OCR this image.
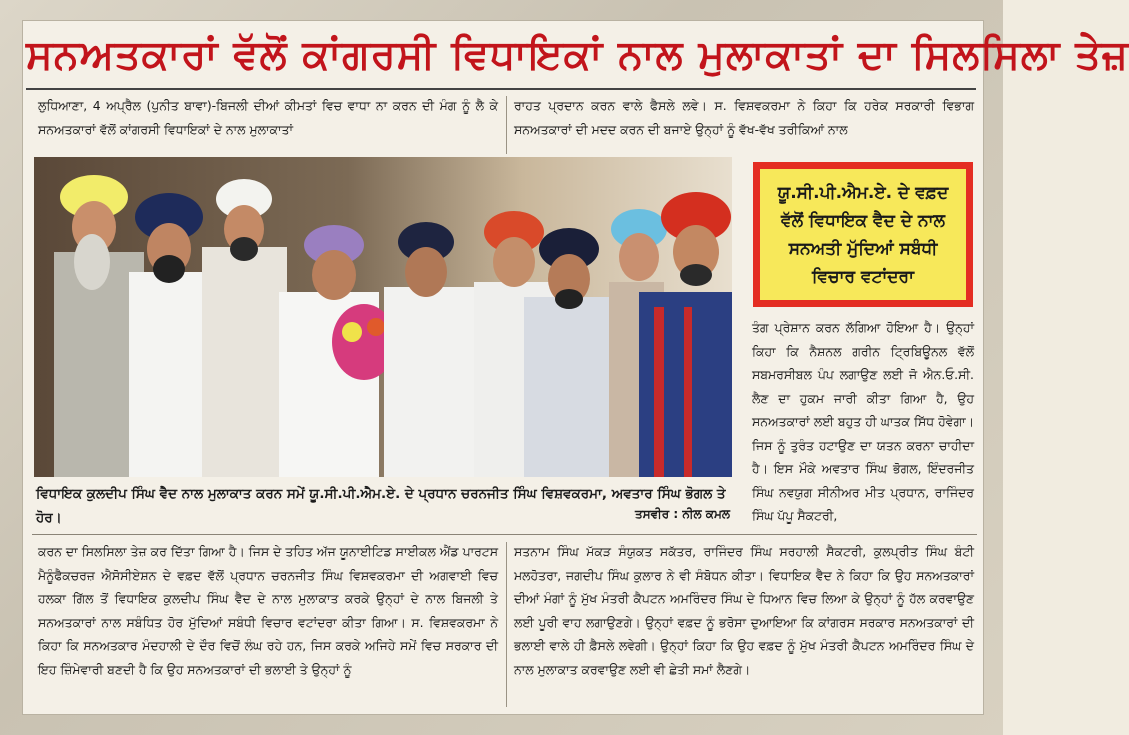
ਸਨਅਤਕਾਰਾਂ ਵੱਲੋਂ ਕਾਂਗਰਸੀ ਵਿਧਾਇਕਾਂ ਨਾਲ ਮੁਲਾਕਾਤਾਂ ਦਾ ਸਿਲਸਿਲਾ ਤੇਜ਼
ਲੁਧਿਆਣਾ, 4 ਅਪ੍ਰੈਲ (ਪੁਨੀਤ ਬਾਵਾ)-ਬਿਜਲੀ ਦੀਆਂ ਕੀਮਤਾਂ ਵਿਚ ਵਾਧਾ ਨਾ ਕਰਨ ਦੀ ਮੰਗ ਨੂੰ ਲੈ ਕੇ ਸਨਅਤਕਾਰਾਂ ਵੱਲੋਂ ਕਾਂਗਰਸੀ ਵਿਧਾਇਕਾਂ ਦੇ ਨਾਲ ਮੁਲਾਕਾਤਾਂ
ਰਾਹਤ ਪ੍ਰਦਾਨ ਕਰਨ ਵਾਲੇ ਫੈਸਲੇ ਲਵੇ। ਸ. ਵਿਸ਼ਵਕਰਮਾ ਨੇ ਕਿਹਾ ਕਿ ਹਰੇਕ ਸਰਕਾਰੀ ਵਿਭਾਗ ਸਨਅਤਕਾਰਾਂ ਦੀ ਮਦਦ ਕਰਨ ਦੀ ਬਜਾਏ ਉਨ੍ਹਾਂ ਨੂੰ ਵੱਖ-ਵੱਖ ਤਰੀਕਿਆਂ ਨਾਲ
ਯੂ.ਸੀ.ਪੀ.ਐਮ.ਏ. ਦੇ ਵਫ਼ਦ ਵੱਲੋਂ ਵਿਧਾਇਕ ਵੈਦ ਦੇ ਨਾਲ ਸਨਅਤੀ ਮੁੱਦਿਆਂ ਸਬੰਧੀ ਵਿਚਾਰ ਵਟਾਂਦਰਾ
ਤੰਗ ਪ੍ਰੇਸ਼ਾਨ ਕਰਨ ਲੱਗਿਆ ਹੋਇਆ ਹੈ। ਉਨ੍ਹਾਂ ਕਿਹਾ ਕਿ ਨੈਸ਼ਨਲ ਗਰੀਨ ਟ੍ਰਿਬਿਊਨਲ ਵੱਲੋਂ ਸਬਮਰਸੀਬਲ ਪੰਪ ਲਗਾਉਣ ਲਈ ਜੋ ਐਨ.ਓ.ਸੀ. ਲੈਣ ਦਾ ਹੁਕਮ ਜਾਰੀ ਕੀਤਾ ਗਿਆ ਹੈ, ਉਹ ਸਨਅਤਕਾਰਾਂ ਲਈ ਬਹੁਤ ਹੀ ਘਾਤਕ ਸਿੱਧ ਹੋਵੇਗਾ। ਜਿਸ ਨੂੰ ਤੁਰੰਤ ਹਟਾਉਣ ਦਾ ਯਤਨ ਕਰਨਾ ਚਾਹੀਦਾ ਹੈ। ਇਸ ਮੌਕੇ ਅਵਤਾਰ ਸਿੰਘ ਭੋਗਲ, ਇੰਦਰਜੀਤ ਸਿੰਘ ਨਵਯੁਗ ਸੀਨੀਅਰ ਮੀਤ ਪ੍ਰਧਾਨ, ਰਾਜਿੰਦਰ ਸਿੰਘ ਪੱਪੂ ਸੈਕਟਰੀ,
ਵਿਧਾਇਕ ਕੁਲਦੀਪ ਸਿੰਘ ਵੈਦ ਨਾਲ ਮੁਲਾਕਾਤ ਕਰਨ ਸਮੇਂ ਯੂ.ਸੀ.ਪੀ.ਐਮ.ਏ. ਦੇ ਪ੍ਰਧਾਨ ਚਰਨਜੀਤ ਸਿੰਘ ਵਿਸ਼ਵਕਰਮਾ, ਅਵਤਾਰ ਸਿੰਘ ਭੋਗਲ ਤੇ ਹੋਰ।	ਤਸਵੀਰ : ਨੀਲ ਕਮਲ
ਕਰਨ ਦਾ ਸਿਲਸਿਲਾ ਤੇਜ਼ ਕਰ ਦਿੱਤਾ ਗਿਆ ਹੈ। ਜਿਸ ਦੇ ਤਹਿਤ ਅੱਜ ਯੂਨਾਈਟਿਡ ਸਾਈਕਲ ਐਂਡ ਪਾਰਟਸ ਮੈਨੂੰਫੈਕਚਰਜ਼ ਐਸੋਸੀਏਸ਼ਨ ਦੇ ਵਫ਼ਦ ਵੱਲੋਂ ਪ੍ਰਧਾਨ ਚਰਨਜੀਤ ਸਿੰਘ ਵਿਸ਼ਵਕਰਮਾ ਦੀ ਅਗਵਾਈ ਵਿਚ ਹਲਕਾ ਗਿੱਲ ਤੋਂ ਵਿਧਾਇਕ ਕੁਲਦੀਪ ਸਿੰਘ ਵੈਦ ਦੇ ਨਾਲ ਮੁਲਾਕਾਤ ਕਰਕੇ ਉਨ੍ਹਾਂ ਦੇ ਨਾਲ ਬਿਜਲੀ ਤੇ ਸਨਅਤਕਾਰਾਂ ਨਾਲ ਸਬੰਧਿਤ ਹੋਰ ਮੁੱਦਿਆਂ ਸਬੰਧੀ ਵਿਚਾਰ ਵਟਾਂਦਰਾ ਕੀਤਾ ਗਿਆ। ਸ. ਵਿਸ਼ਵਕਰਮਾ ਨੇ ਕਿਹਾ ਕਿ ਸਨਅਤਕਾਰ ਮੰਦਹਾਲੀ ਦੇ ਦੌਰ ਵਿਚੋਂ ਲੰਘ ਰਹੇ ਹਨ, ਜਿਸ ਕਰਕੇ ਅਜਿਹੇ ਸਮੇਂ ਵਿਚ ਸਰਕਾਰ ਦੀ ਇਹ ਜ਼ਿੰਮੇਵਾਰੀ ਬਣਦੀ ਹੈ ਕਿ ਉਹ ਸਨਅਤਕਾਰਾਂ ਦੀ ਭਲਾਈ ਤੇ ਉਨ੍ਹਾਂ ਨੂੰ
ਸਤਨਾਮ ਸਿੰਘ ਮੱਕੜ ਸੰਯੁਕਤ ਸਕੱਤਰ, ਰਾਜਿੰਦਰ ਸਿੰਘ ਸਰਹਾਲੀ ਸੈਕਟਰੀ, ਕੁਲਪ੍ਰੀਤ ਸਿੰਘ ਬੰਟੀ ਮਲਹੋਤਰਾ, ਜਗਦੀਪ ਸਿੰਘ ਕੁਲਾਰ ਨੇ ਵੀ ਸੰਬੋਧਨ ਕੀਤਾ। ਵਿਧਾਇਕ ਵੈਦ ਨੇ ਕਿਹਾ ਕਿ ਉਹ ਸਨਅਤਕਾਰਾਂ ਦੀਆਂ ਮੰਗਾਂ ਨੂੰ ਮੁੱਖ ਮੰਤਰੀ ਕੈਪਟਨ ਅਮਰਿੰਦਰ ਸਿੰਘ ਦੇ ਧਿਆਨ ਵਿਚ ਲਿਆ ਕੇ ਉਨ੍ਹਾਂ ਨੂੰ ਹੱਲ ਕਰਵਾਉਣ ਲਈ ਪੂਰੀ ਵਾਹ ਲਗਾਉਣਗੇ। ਉਨ੍ਹਾਂ ਵਫ਼ਦ ਨੂੰ ਭਰੋਸਾ ਦੁਆਇਆ ਕਿ ਕਾਂਗਰਸ ਸਰਕਾਰ ਸਨਅਤਕਾਰਾਂ ਦੀ ਭਲਾਈ ਵਾਲੇ ਹੀ ਫ਼ੈਸਲੇ ਲਵੇਗੀ। ਉਨ੍ਹਾਂ ਕਿਹਾ ਕਿ ਉਹ ਵਫ਼ਦ ਨੂੰ ਮੁੱਖ ਮੰਤਰੀ ਕੈਪਟਨ ਅਮਰਿੰਦਰ ਸਿੰਘ ਦੇ ਨਾਲ ਮੁਲਾਕਾਤ ਕਰਵਾਉਣ ਲਈ ਵੀ ਛੇਤੀ ਸਮਾਂ ਲੈਣਗੇ।
